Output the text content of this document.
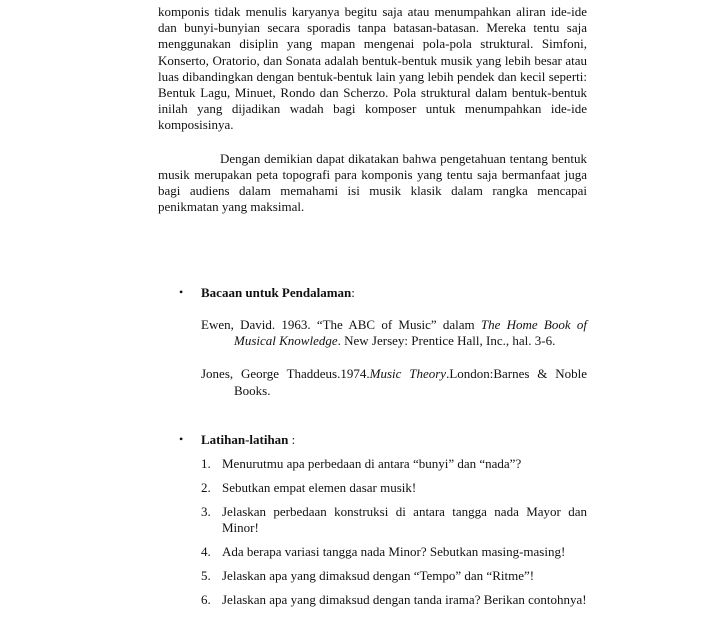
komponis tidak menulis karyanya begitu saja atau menumpahkan aliran ide-ide dan bunyi-bunyian secara sporadis tanpa batasan-batasan. Mereka tentu saja menggunakan disiplin yang mapan mengenai pola-pola struktural. Simfoni, Konserto, Oratorio, dan Sonata adalah bentuk-bentuk musik yang lebih besar atau luas dibandingkan dengan bentuk-bentuk lain yang lebih pendek dan kecil seperti: Bentuk Lagu, Minuet, Rondo dan Scherzo. Pola struktural dalam bentuk-bentuk inilah yang dijadikan wadah bagi komposer untuk menumpahkan ide-ide komposisinya.

Dengan demikian dapat dikatakan bahwa pengetahuan tentang bentuk musik merupakan peta topografi para komponis yang tentu saja bermanfaat juga bagi audiens dalam memahami isi musik klasik dalam rangka mencapai penikmatan yang maksimal.

• Bacaan untuk Pendalaman:

Ewen, David. 1963. “The ABC of Music” dalam The Home Book of Musical Knowledge. New Jersey: Prentice Hall, Inc., hal. 3-6.

Jones, George Thaddeus.1974.Music Theory.London:Barnes & Noble Books.

• Latihan-latihan :
1. Menurutmu apa perbedaan di antara “bunyi” dan “nada”?
2. Sebutkan empat elemen dasar musik!
3. Jelaskan perbedaan konstruksi di antara tangga nada Mayor dan Minor!
4. Ada berapa variasi tangga nada Minor? Sebutkan masing-masing!
5. Jelaskan apa yang dimaksud dengan “Tempo” dan “Ritme”!
6. Jelaskan apa yang dimaksud dengan tanda irama? Berikan contohnya!
